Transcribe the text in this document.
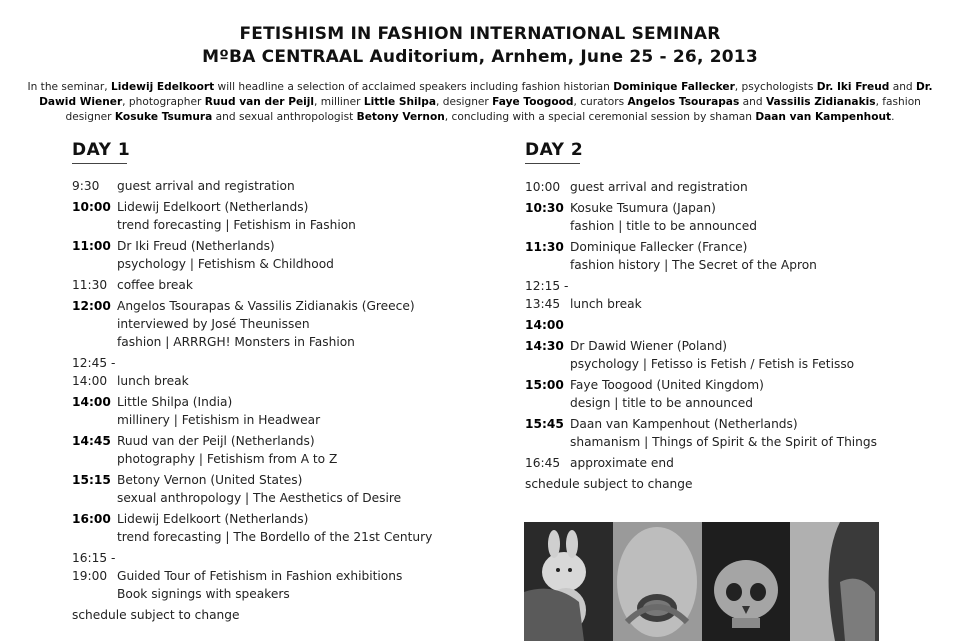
FETISHISM IN FASHION INTERNATIONAL SEMINAR
MºBA CENTRAAL Auditorium, Arnhem, June 25 - 26, 2013
In the seminar, Lidewij Edelkoort will headline a selection of acclaimed speakers including fashion historian Dominique Fallecker, psychologists Dr. Iki Freud and Dr. Dawid Wiener, photographer Ruud van der Peijl, milliner Little Shilpa, designer Faye Toogood, curators Angelos Tsourapas and Vassilis Zidianakis, fashion designer Kosuke Tsumura and sexual anthropologist Betony Vernon, concluding with a special ceremonial session by shaman Daan van Kampenhout.
DAY 1
9:30	guest arrival and registration
10:00 Lidewij Edelkoort (Netherlands)
trend forecasting | Fetishism in Fashion
11:00 Dr Iki Freud (Netherlands)
psychology | Fetishism & Childhood
11:30 coffee break
12:00 Angelos Tsourapas & Vassilis Zidianakis (Greece)
interviewed by José Theunissen
fashion | ARRRGH! Monsters in Fashion
12:45 -
14:00
lunch break
14:00 Little Shilpa (India)
millinery | Fetishism in Headwear
14:45 Ruud van der Peijl (Netherlands)
photography | Fetishism from A to Z
15:15 Betony Vernon (United States)
sexual anthropology | The Aesthetics of Desire
16:00 Lidewij Edelkoort (Netherlands)
trend forecasting | The Bordello of the 21st Century
16:15 -
19:00
Guided Tour of Fetishism in Fashion exhibitions
Book signings with speakers
schedule subject to change
DAY 2
10:00 guest arrival and registration
10:30 Kosuke Tsumura (Japan)
fashion | title to be announced
11:30 Dominique Fallecker (France)
fashion history | The Secret of the Apron
12:15 -
13:45
lunch break
14:00
14:30 Dr Dawid Wiener (Poland)
psychology | Fetisso is Fetish / Fetish is Fetisso
15:00 Faye Toogood (United Kingdom)
design | title to be announced
15:45 Daan van Kampenhout (Netherlands)
shamanism | Things of Spirit & the Spirit of Things
16:45 approximate end
schedule subject to change
